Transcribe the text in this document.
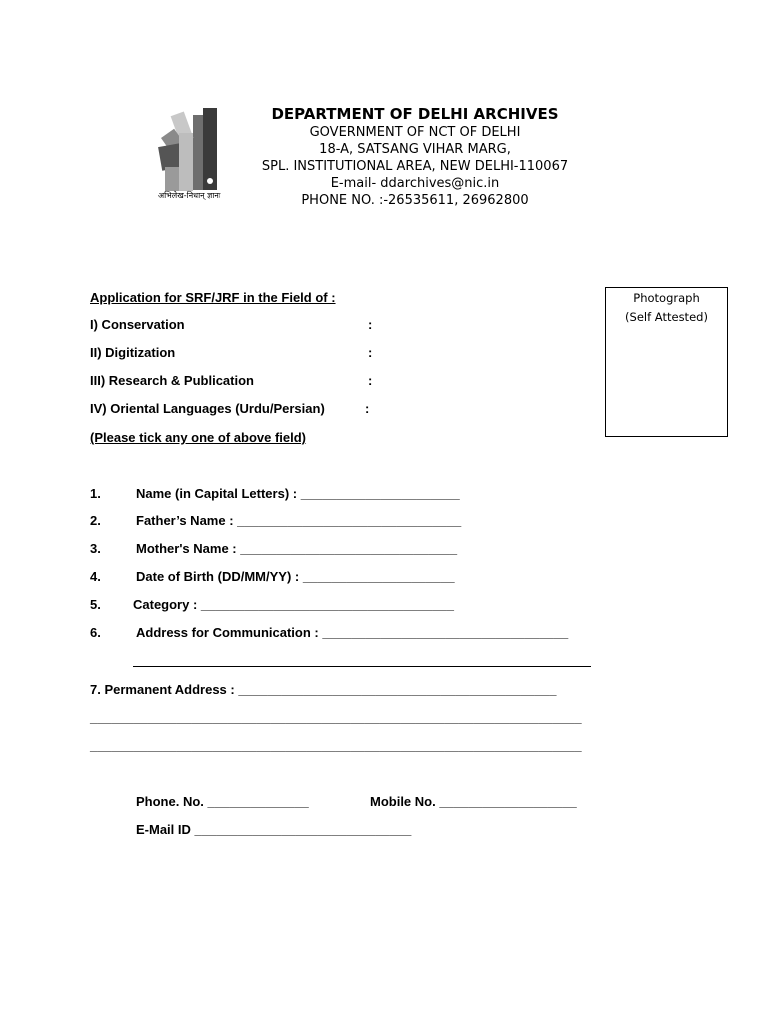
अभिलेख-निधान् ज्ञानः
DEPARTMENT OF DELHI ARCHIVES
GOVERNMENT OF NCT OF DELHI
18-A, SATSANG VIHAR MARG,
SPL. INSTITUTIONAL AREA, NEW DELHI-110067
E-mail- ddarchives@nic.in
PHONE NO. :-26535611, 26962800
Application for SRF/JRF in the Field of :
I) Conservation	:
II) Digitization	:
III) Research & Publication	:
IV) Oriental Languages (Urdu/Persian)	:
(Please tick any one of above field)
Photograph
(Self Attested)
1.	Name (in Capital Letters) : ______________________
2.	Father’s Name : _______________________________
3.	Mother's Name : ______________________________
4.	Date of Birth (DD/MM/YY) : _____________________
5. Category : ___________________________________
6.	Address for Communication : __________________________________
7. Permanent Address : ____________________________________________
____________________________________________________________________
____________________________________________________________________
Phone. No. ______________	Mobile No. ___________________
E-Mail ID ______________________________
